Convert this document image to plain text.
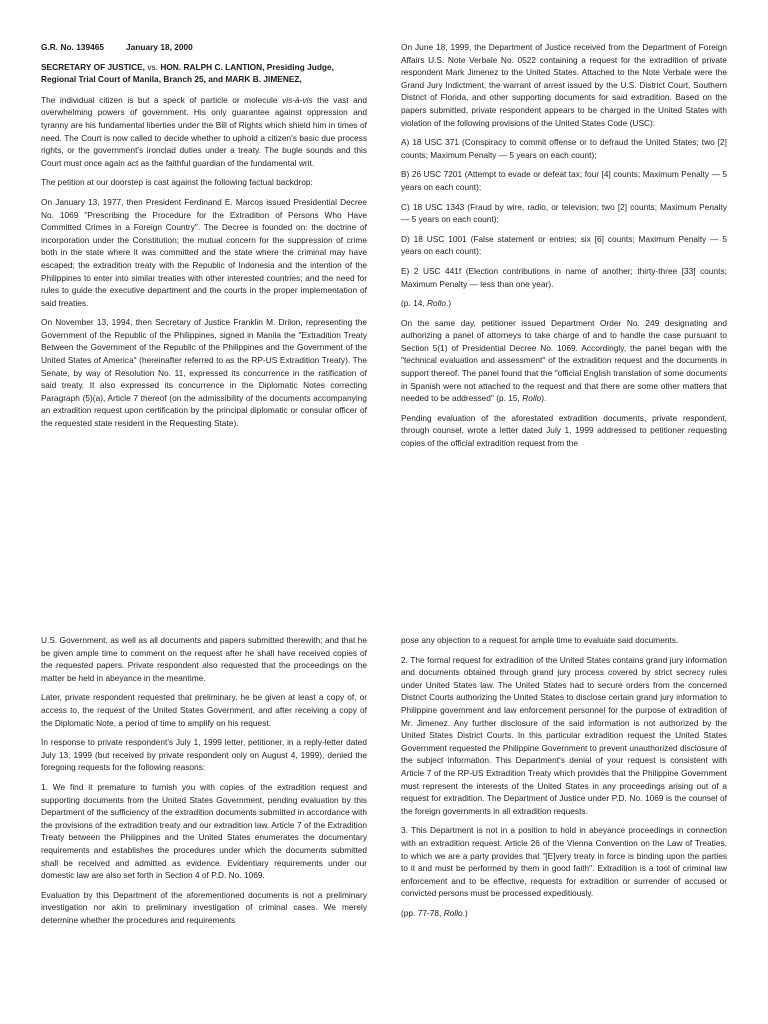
G.R. No. 139465	January 18, 2000

SECRETARY OF JUSTICE, vs. HON. RALPH C. LANTION, Presiding Judge, Regional Trial Court of Manila, Branch 25, and MARK B. JIMENEZ,

The individual citizen is but a speck of particle or molecule vis-à-vis the vast and overwhelming powers of government. His only guarantee against oppression and tyranny are his fundamental liberties under the Bill of Rights which shield him in times of need. The Court is now called to decide whether to uphold a citizen's basic due process rights, or the government's ironclad duties under a treaty. The bugle sounds and this Court must once again act as the faithful guardian of the fundamental writ.

The petition at our doorstep is cast against the following factual backdrop:

On January 13, 1977, then President Ferdinand E. Marcos issued Presidential Decree No. 1069 "Prescribing the Procedure for the Extradition of Persons Who Have Committed Crimes in a Foreign Country". The Decree is founded on: the doctrine of incorporation under the Constitution; the mutual concern for the suppression of crime both in the state where it was committed and the state where the criminal may have escaped; the extradition treaty with the Republic of Indonesia and the intention of the Philippines to enter into similar treaties with other interested countries; and the need for rules to guide the executive department and the courts in the proper implementation of said treaties.

On November 13, 1994, then Secretary of Justice Franklin M. Drilon, representing the Government of the Republic of the Philippines, signed in Manila the "Extradition Treaty Between the Government of the Republic of the Philippines and the Government of the United States of America" (hereinafter referred to as the RP-US Extradition Treaty). The Senate, by way of Resolution No. 11, expressed its concurrence in the ratification of said treaty. It also expressed its concurrence in the Diplomatic Notes correcting Paragraph (5)(a), Article 7 thereof (on the admissibility of the documents accompanying an extradition request upon certification by the principal diplomatic or consular officer of the requested state resident in the Requesting State).

On June 18, 1999, the Department of Justice received from the Department of Foreign Affairs U.S. Note Verbale No. 0522 containing a request for the extradition of private respondent Mark Jimenez to the United States. Attached to the Note Verbale were the Grand Jury Indictment, the warrant of arrest issued by the U.S. District Court, Southern District of Florida, and other supporting documents for said extradition. Based on the papers submitted, private respondent appears to be charged in the United States with violation of the following provisions of the United States Code (USC):

A) 18 USC 371 (Conspiracy to commit offense or to defraud the United States; two [2] counts; Maximum Penalty — 5 years on each count);

B) 26 USC 7201 (Attempt to evade or defeat tax; four [4] counts; Maximum Penalty — 5 years on each count);

C) 18 USC 1343 (Fraud by wire, radio, or television; two [2] counts; Maximum Penalty — 5 years on each count);

D) 18 USC 1001 (False statement or entries; six [6] counts; Maximum Penalty — 5 years on each count);

E) 2 USC 441f (Election contributions in name of another; thirty-three [33] counts; Maximum Penalty — less than one year).

(p. 14, Rollo.)

On the same day, petitioner issued Department Order No. 249 designating and authorizing a panel of attorneys to take charge of and to handle the case pursuant to Section 5(1) of Presidential Decree No. 1069. Accordingly, the panel began with the "technical evaluation and assessment" of the extradition request and the documents in support thereof. The panel found that the "official English translation of some documents in Spanish were not attached to the request and that there are some other matters that needed to be addressed" (p. 15, Rollo).

Pending evaluation of the aforestated extradition documents, private respondent, through counsel, wrote a letter dated July 1, 1999 addressed to petitioner requesting copies of the official extradition request from the

U.S. Government, as well as all documents and papers submitted therewith; and that he be given ample time to comment on the request after he shall have received copies of the requested papers. Private respondent also requested that the proceedings on the matter be held in abeyance in the meantime.

Later, private respondent requested that preliminary, he be given at least a copy of, or access to, the request of the United States Government, and after receiving a copy of the Diplomatic Note, a period of time to amplify on his request.

In response to private respondent's July 1, 1999 letter, petitioner, in a reply-letter dated July 13, 1999 (but received by private respondent only on August 4, 1999), denied the foregoing requests for the following reasons:

1. We find it premature to furnish you with copies of the extradition request and supporting documents from the United States Government, pending evaluation by this Department of the sufficiency of the extradition documents submitted in accordance with the provisions of the extradition treaty and our extradition law. Article 7 of the Extradition Treaty between the Philippines and the United States enumerates the documentary requirements and establishes the procedures under which the documents submitted shall be received and admitted as evidence. Evidentiary requirements under our domestic law are also set forth in Section 4 of P.D. No. 1069.

Evaluation by this Department of the aforementioned documents is not a preliminary investigation nor akin to preliminary investigation of criminal cases. We merely determine whether the procedures and requirements

pose any objection to a request for ample time to evaluate said documents.

2. The formal request for extradition of the United States contains grand jury information and documents obtained through grand jury process covered by strict secrecy rules under United States law. The United States had to secure orders from the concerned District Courts authorizing the United States to disclose certain grand jury information to Philippine government and law enforcement personnel for the purpose of extradition of Mr. Jimenez. Any further disclosure of the said information is not authorized by the United States District Courts. In this particular extradition request the United States Government requested the Philippine Government to prevent unauthorized disclosure of the subject information. This Department's denial of your request is consistent with Article 7 of the RP-US Extradition Treaty which provides that the Philippine Government must represent the interests of the United States in any proceedings arising out of a request for extradition. The Department of Justice under P.D. No. 1069 is the counsel of the foreign governments in all extradition requests.

3. This Department is not in a position to hold in abeyance proceedings in connection with an extradition request. Article 26 of the Vienna Convention on the Law of Treaties, to which we are a party provides that "[E]very treaty in force is binding upon the parties to it and must be performed by them in good faith". Extradition is a tool of criminal law enforcement and to be effective, requests for extradition or surrender of accused or convicted persons must be processed expeditiously.

(pp. 77-78, Rollo.)
